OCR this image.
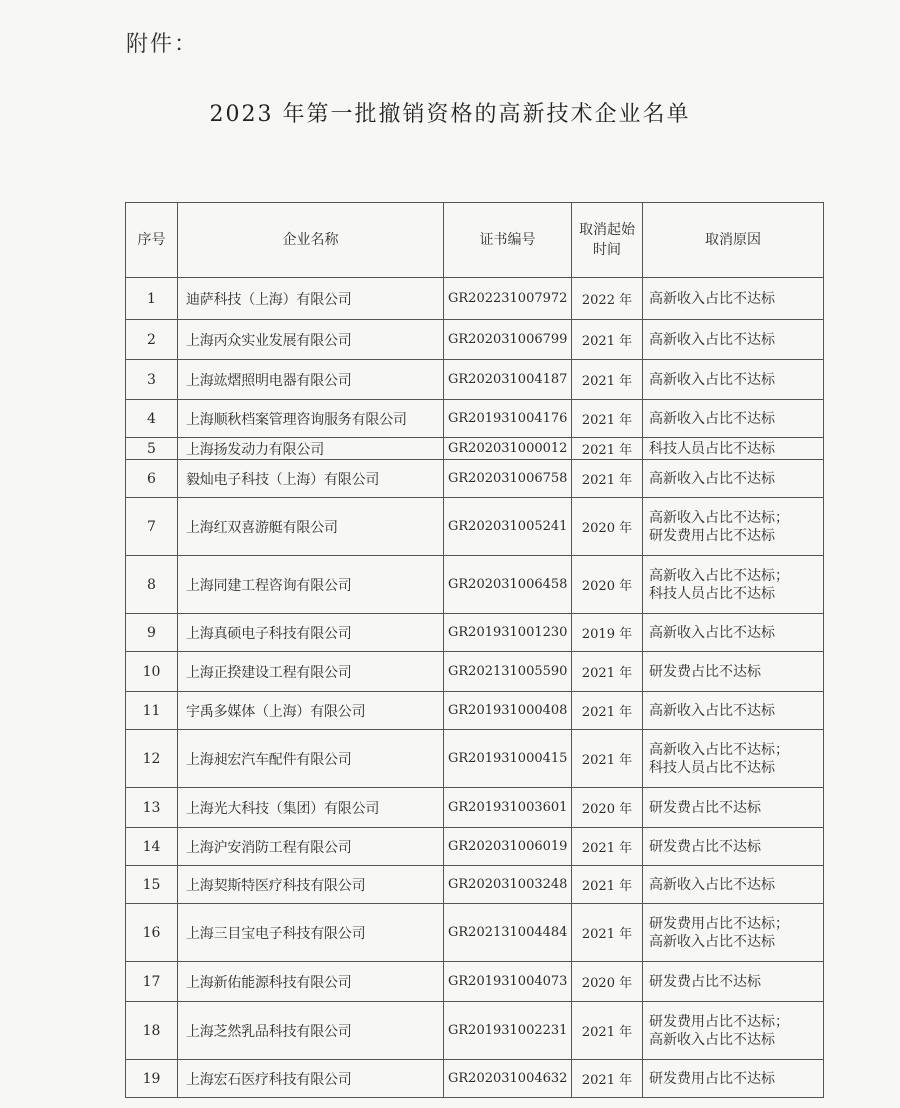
附件：
2023 年第一批撤销资格的高新技术企业名单
序号	企业名称	证书编号	取消起始时间	取消原因
1	迪萨科技（上海）有限公司	GR202231007972	2022 年	高新收入占比不达标

2	上海丙众实业发展有限公司	GR202031006799	2021 年	高新收入占比不达标

3	上海竑熠照明电器有限公司	GR202031004187	2021 年	高新收入占比不达标

4	上海顺秋档案管理咨询服务有限公司	GR201931004176	2021 年	高新收入占比不达标

5	上海扬发动力有限公司	GR202031000012	2021 年	科技人员占比不达标

6	毅灿电子科技（上海）有限公司	GR202031006758	2021 年	高新收入占比不达标

7	上海红双喜游艇有限公司	GR202031005241	2020 年	高新收入占比不达标；
研发费用占比不达标

8	上海同建工程咨询有限公司	GR202031006458	2020 年	高新收入占比不达标；
科技人员占比不达标

9	上海真硕电子科技有限公司	GR201931001230	2019 年	高新收入占比不达标

10	上海正揆建设工程有限公司	GR202131005590	2021 年	研发费占比不达标

11	宇禹多媒体（上海）有限公司	GR201931000408	2021 年	高新收入占比不达标

12	上海昶宏汽车配件有限公司	GR201931000415	2021 年	高新收入占比不达标；
科技人员占比不达标

13	上海光大科技（集团）有限公司	GR201931003601	2020 年	研发费占比不达标

14	上海沪安消防工程有限公司	GR202031006019	2021 年	研发费占比不达标

15	上海契斯特医疗科技有限公司	GR202031003248	2021 年	高新收入占比不达标

16	上海三目宝电子科技有限公司	GR202131004484	2021 年	研发费用占比不达标；
高新收入占比不达标

17	上海新佑能源科技有限公司	GR201931004073	2020 年	研发费占比不达标

18	上海芝然乳品科技有限公司	GR201931002231	2021 年	研发费用占比不达标；
高新收入占比不达标

19	上海宏石医疗科技有限公司	GR202031004632	2021 年	研发费用占比不达标
